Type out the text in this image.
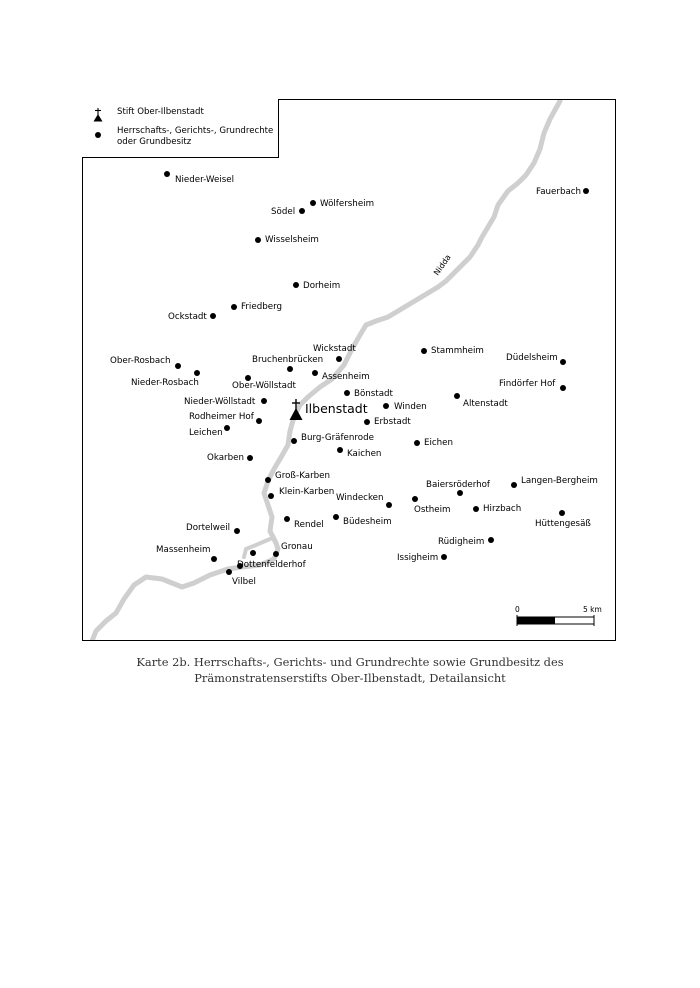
Stift Ober-Ilbenstadt
Herrschafts-, Gerichts-, Grundrechte
oder Grundbesitz
Nidda
Ilbenstadt
Nieder-Weisel
Södel
Wölfersheim
Wisselsheim
Dorheim
Friedberg
Ockstadt
Fauerbach
Wickstadt
Bruchenbrücken
Assenheim
Ober-Wöllstadt
Ober-Rosbach
Nieder-Rosbach
Stammheim
Düdelsheim
Findörfer Hof
Bönstadt
Nieder-Wöllstadt	Winden	Altenstadt
Rodheimer Hof	Erbstadt
Leichen	Burg-Gräfenrode	Eichen
Kaichen
Okarben
Groß-Karben
Baiersröderhof	Langen-Bergheim
Klein-Karben
Windecken
Ostheim	Hirzbach
Rendel Büdesheim	Hüttengesäß
Dortelweil
Rüdigheim
Gronau
Massenheim
Issigheim
Dottenfelderhof
Vilbel
0	5 km
Karte 2b. Herrschafts-, Gerichts- und Grundrechte sowie Grundbesitz des
Prämonstratenserstifts Ober-Ilbenstadt, Detailansicht
